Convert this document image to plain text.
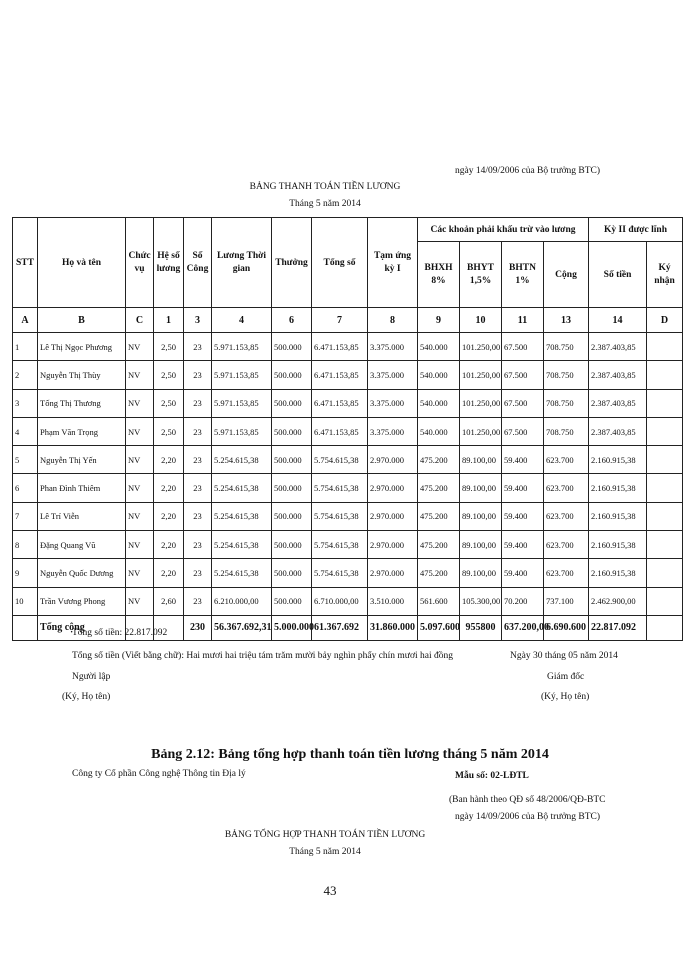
ngày 14/09/2006 của Bộ trưởng BTC)
BẢNG THANH TOÁN TIỀN LƯƠNG
Tháng 5 năm 2014
STT	Họ và tên	Chức vụ	Hệ số lương	Số Công	Lương Thời gian	Thưởng	Tổng số	Tạm ứng kỳ I	Các khoản phải khấu trừ vào lương				Kỳ II được lĩnh	
									BHXH 8%	BHYT 1,5%	BHTN 1%	Cộng	Số tiền	Ký nhận
A	B	C	1	3	4	6	7	8	9	10	11	13	14	D
1	Lê Thị Ngọc Phương	NV	2,50	23	5.971.153,85	500.000	6.471.153,85	3.375.000	540.000	101.250,00	67.500	708.750	2.387.403,85	
2	Nguyễn Thị Thùy	NV	2,50	23	5.971.153,85	500.000	6.471.153,85	3.375.000	540.000	101.250,00	67.500	708.750	2.387.403,85	
3	Tống Thị Thương	NV	2,50	23	5.971.153,85	500.000	6.471.153,85	3.375.000	540.000	101.250,00	67.500	708.750	2.387.403,85	
4	Phạm Văn Trọng	NV	2,50	23	5.971.153,85	500.000	6.471.153,85	3.375.000	540.000	101.250,00	67.500	708.750	2.387.403,85	
5	Nguyễn Thị Yến	NV	2,20	23	5.254.615,38	500.000	5.754.615,38	2.970.000	475.200	89.100,00	59.400	623.700	2.160.915,38	
6	Phan Đình Thiêm	NV	2,20	23	5.254.615,38	500.000	5.754.615,38	2.970.000	475.200	89.100,00	59.400	623.700	2.160.915,38	
7	Lê Trí Viễn	NV	2,20	23	5.254.615,38	500.000	5.754.615,38	2.970.000	475.200	89.100,00	59.400	623.700	2.160.915,38	
8	Đặng Quang Vũ	NV	2,20	23	5.254.615,38	500.000	5.754.615,38	2.970.000	475.200	89.100,00	59.400	623.700	2.160.915,38	
9	Nguyễn Quốc Dương	NV	2,20	23	5.254.615,38	500.000	5.754.615,38	2.970.000	475.200	89.100,00	59.400	623.700	2.160.915,38	
10	Trần Vương Phong	NV	2,60	23	6.210.000,00	500.000	6.710.000,00	3.510.000	561.600	105.300,00	70.200	737.100	2.462.900,00	
	Tổng cộng			230	56.367.692,31	5.000.000	61.367.692	31.860.000	5.097.600	955800	637.200,00	6.690.600	22.817.092	
Tổng số tiền: 22.817.092
Tổng số tiền (Viết bằng chữ): Hai mươi hai triệu tám trăm mười bảy nghìn phẩy chín mươi hai đồng	Ngày 30 tháng 05 năm 2014
Người lập	Giám đốc
(Ký, Họ tên)	(Ký, Họ tên)
Bảng 2.12: Bảng tổng hợp thanh toán tiền lương tháng 5 năm 2014
Công ty Cổ phần Công nghệ Thông tin Địa lý	Mẫu số: 02-LĐTL
(Ban hành theo QĐ số 48/2006/QĐ-BTC
ngày 14/09/2006 của Bộ trưởng BTC)
BẢNG TỔNG HỢP THANH TOÁN TIỀN LƯƠNG
Tháng 5 năm 2014
43
